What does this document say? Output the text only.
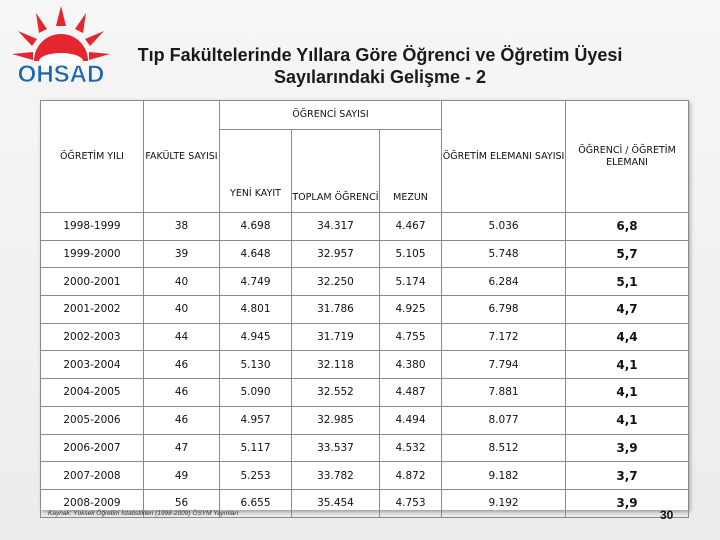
OHSAD
Tıp Fakültelerinde Yıllara Göre Öğrenci ve Öğretim Üyesi
Sayılarındaki Gelişme - 2
ÖĞRETİM YILI	FAKÜLTE SAYISI	ÖĞRENCİ SAYISI			ÖĞRETİM ELEMANI SAYISI	ÖĞRENCİ / ÖĞRETİM ELEMANI
		YENİ KAYIT	TOPLAM ÖĞRENCİ	MEZUN		
1998-1999	38	4.698	34.317	4.467	5.036	6,8
1999-2000	39	4.648	32.957	5.105	5.748	5,7
2000-2001	40	4.749	32.250	5.174	6.284	5,1
2001-2002	40	4.801	31.786	4.925	6.798	4,7
2002-2003	44	4.945	31.719	4.755	7.172	4,4
2003-2004	46	5.130	32.118	4.380	7.794	4,1
2004-2005	46	5.090	32.552	4.487	7.881	4,1
2005-2006	46	4.957	32.985	4.494	8.077	4,1
2006-2007	47	5.117	33.537	4.532	8.512	3,9
2007-2008	49	5.253	33.782	4.872	9.182	3,7
2008-2009	56	6.655	35.454	4.753	9.192	3,9
Kaynak: Yüksek Öğretim İstatistikleri (1998-2009) ÖSYM Yayınları	30
